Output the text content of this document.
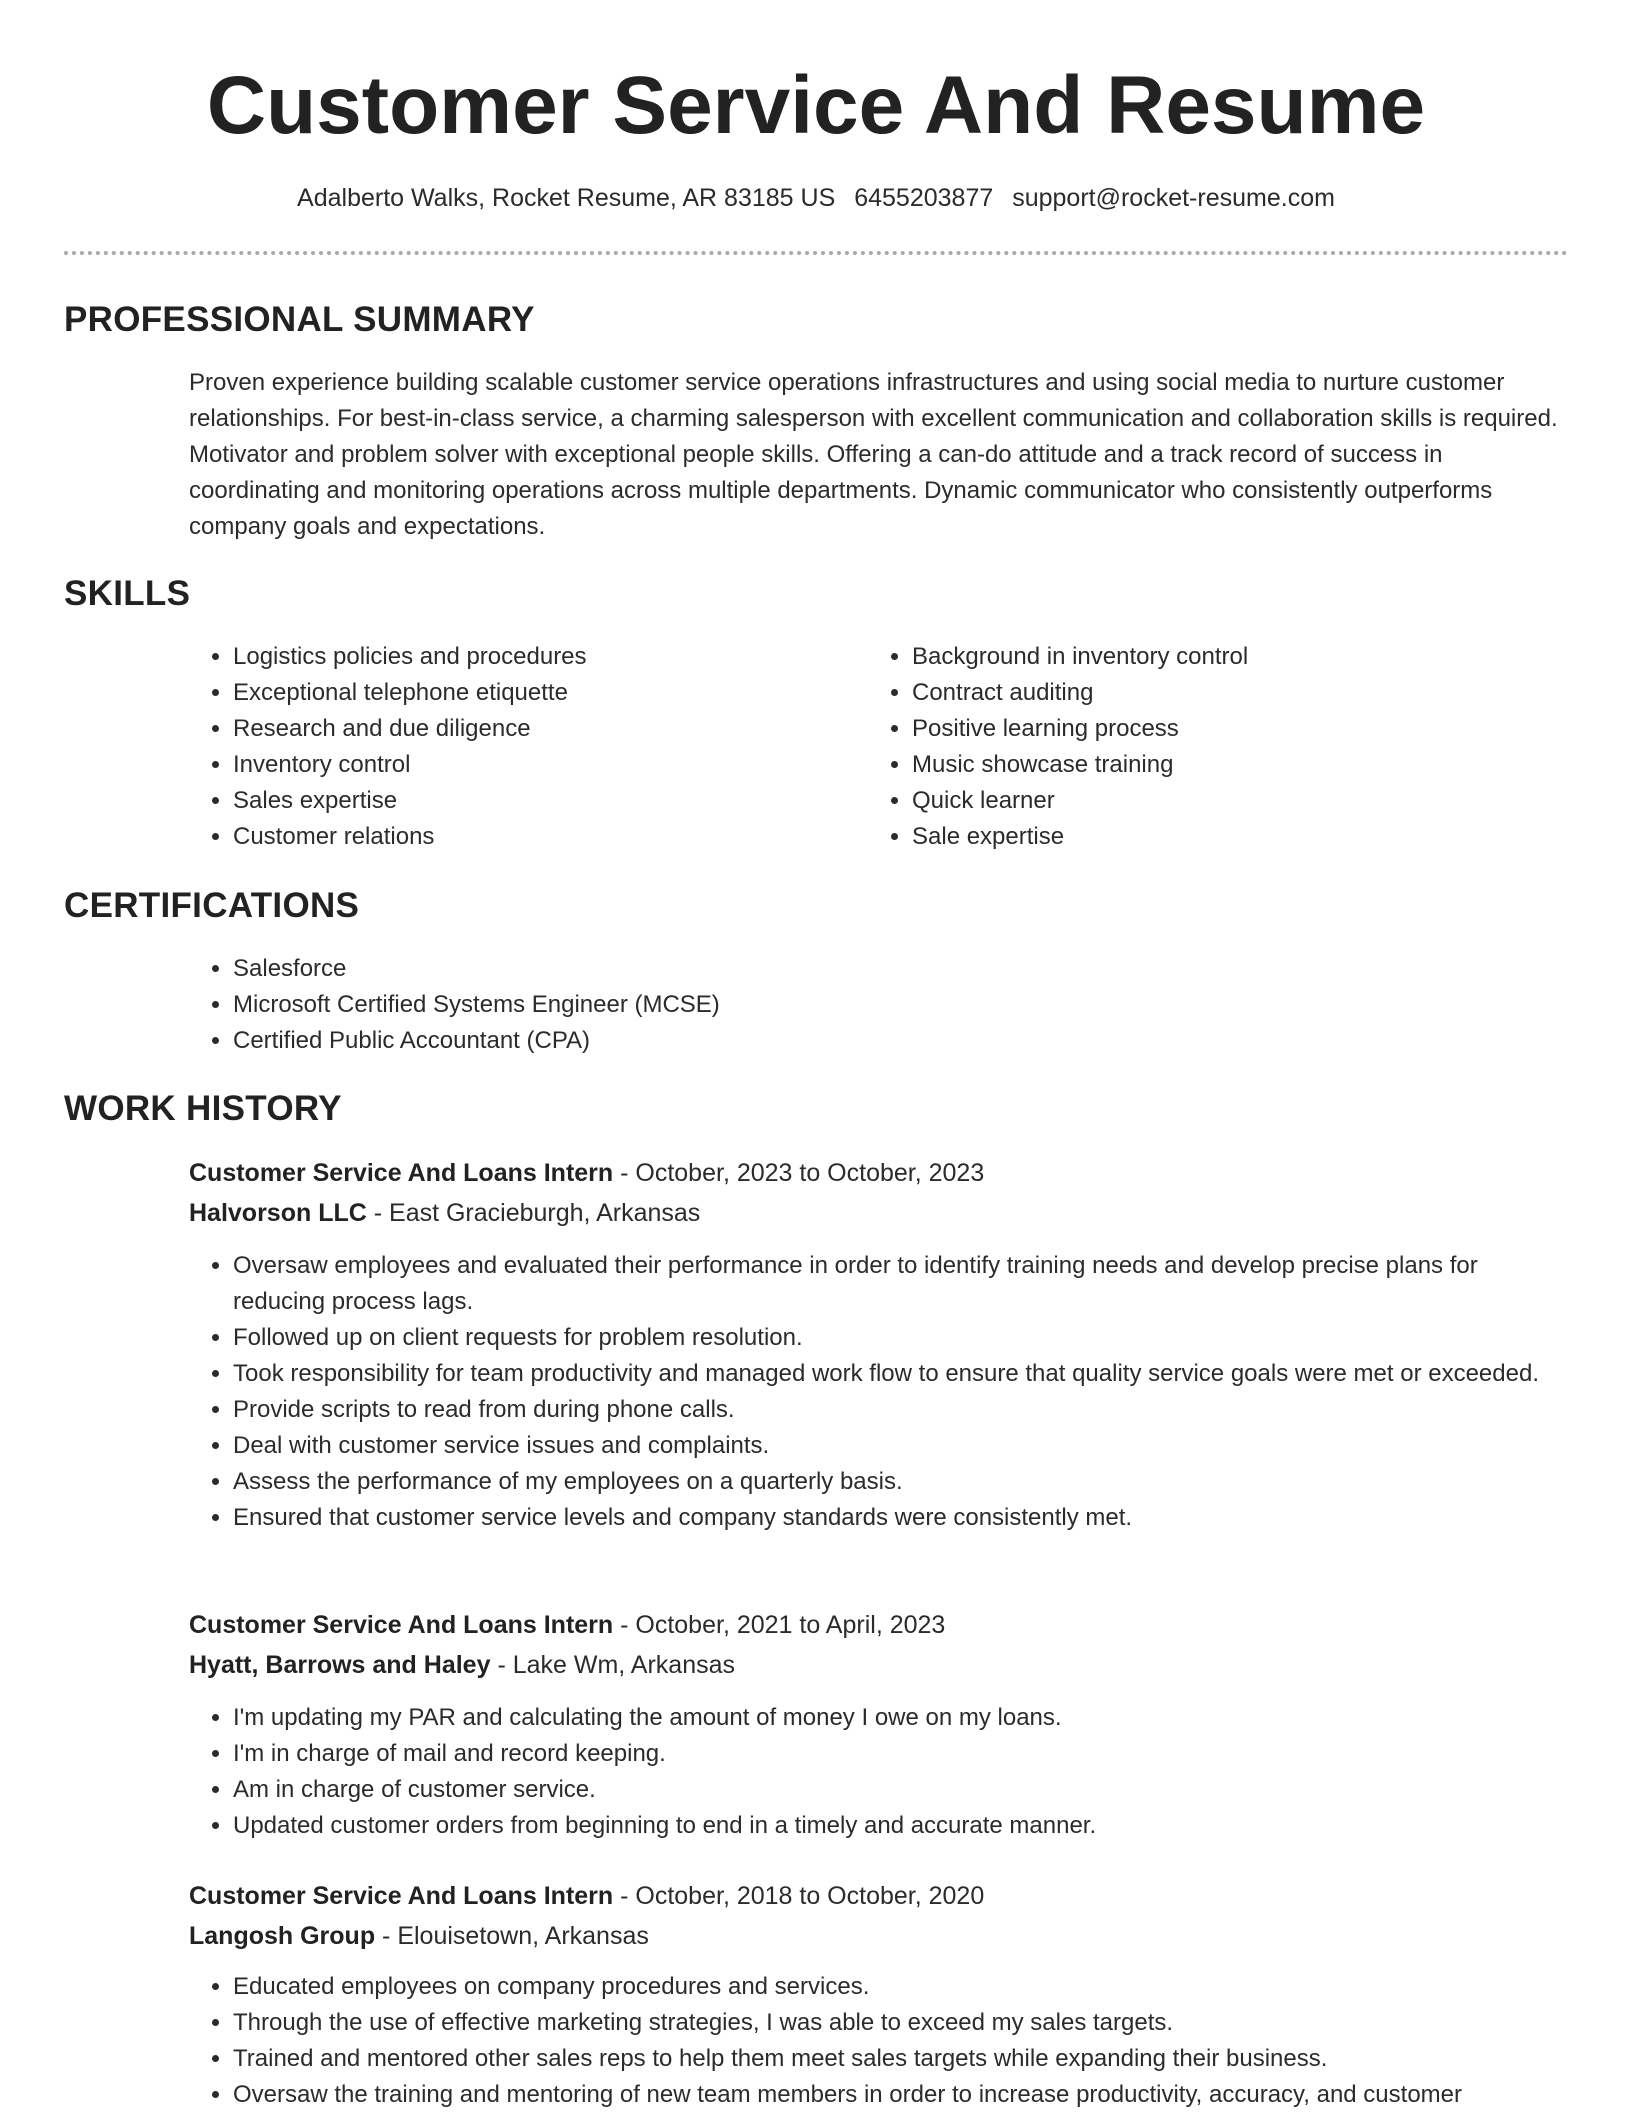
Customer Service And Resume
Adalberto Walks, Rocket Resume, AR 83185 US 6455203877 support@rocket-resume.com
PROFESSIONAL SUMMARY

Proven experience building scalable customer service operations infrastructures and using social media to nurture customer relationships. For best-in-class service, a charming salesperson with excellent communication and collaboration skills is required. Motivator and problem solver with exceptional people skills. Offering a can-do attitude and a track record of success in coordinating and monitoring operations across multiple departments. Dynamic communicator who consistently outperforms company goals and expectations.

SKILLS
• Logistics policies and procedures
• Exceptional telephone etiquette
• Research and due diligence
• Inventory control
• Sales expertise
• Customer relations
• Background in inventory control
• Contract auditing
• Positive learning process
• Music showcase training
• Quick learner
• Sale expertise
CERTIFICATIONS
• Salesforce
• Microsoft Certified Systems Engineer (MCSE)
• Certified Public Accountant (CPA)
WORK HISTORY
Customer Service And Loans Intern - October, 2023 to October, 2023
Halvorson LLC - East Gracieburgh, Arkansas
• Oversaw employees and evaluated their performance in order to identify training needs and develop precise plans for reducing process lags.
• Followed up on client requests for problem resolution.
• Took responsibility for team productivity and managed work flow to ensure that quality service goals were met or exceeded.
• Provide scripts to read from during phone calls.
• Deal with customer service issues and complaints.
• Assess the performance of my employees on a quarterly basis.
• Ensured that customer service levels and company standards were consistently met.
Customer Service And Loans Intern - October, 2021 to April, 2023
Hyatt, Barrows and Haley - Lake Wm, Arkansas
• I'm updating my PAR and calculating the amount of money I owe on my loans.
• I'm in charge of mail and record keeping.
• Am in charge of customer service.
• Updated customer orders from beginning to end in a timely and accurate manner.
Customer Service And Loans Intern - October, 2018 to October, 2020
Langosh Group - Elouisetown, Arkansas
• Educated employees on company procedures and services.
• Through the use of effective marketing strategies, I was able to exceed my sales targets.
• Trained and mentored other sales reps to help them meet sales targets while expanding their business.
• Oversaw the training and mentoring of new team members in order to increase productivity, accuracy, and customer
